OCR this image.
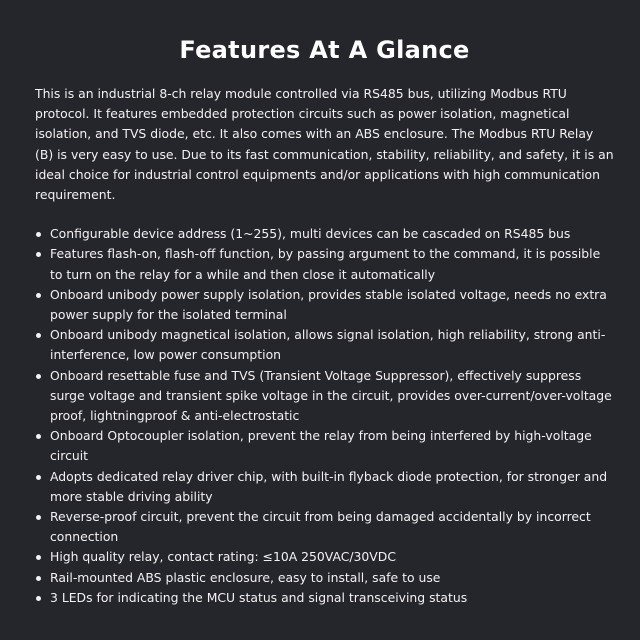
Features At A Glance

This is an industrial 8-ch relay module controlled via RS485 bus, utilizing Modbus RTU protocol. It features embedded protection circuits such as power isolation, magnetical isolation, and TVS diode, etc. It also comes with an ABS enclosure. The Modbus RTU Relay (B) is very easy to use. Due to its fast communication, stability, reliability, and safety, it is an ideal choice for industrial control equipments and/or applications with high communication requirement.

Configurable device address (1~255), multi devices can be cascaded on RS485 bus
Features flash-on, flash-off function, by passing argument to the command, it is possible to turn on the relay for a while and then close it automatically
Onboard unibody power supply isolation, provides stable isolated voltage, needs no extra power supply for the isolated terminal
Onboard unibody magnetical isolation, allows signal isolation, high reliability, strong anti-interference, low power consumption
Onboard resettable fuse and TVS (Transient Voltage Suppressor), effectively suppress surge voltage and transient spike voltage in the circuit, provides over-current/over-voltage proof, lightningproof & anti-electrostatic
Onboard Optocoupler isolation, prevent the relay from being interfered by high-voltage circuit
Adopts dedicated relay driver chip, with built-in flyback diode protection, for stronger and more stable driving ability
Reverse-proof circuit, prevent the circuit from being damaged accidentally by incorrect connection
High quality relay, contact rating: ≤10A 250VAC/30VDC
Rail-mounted ABS plastic enclosure, easy to install, safe to use
3 LEDs for indicating the MCU status and signal transceiving status
